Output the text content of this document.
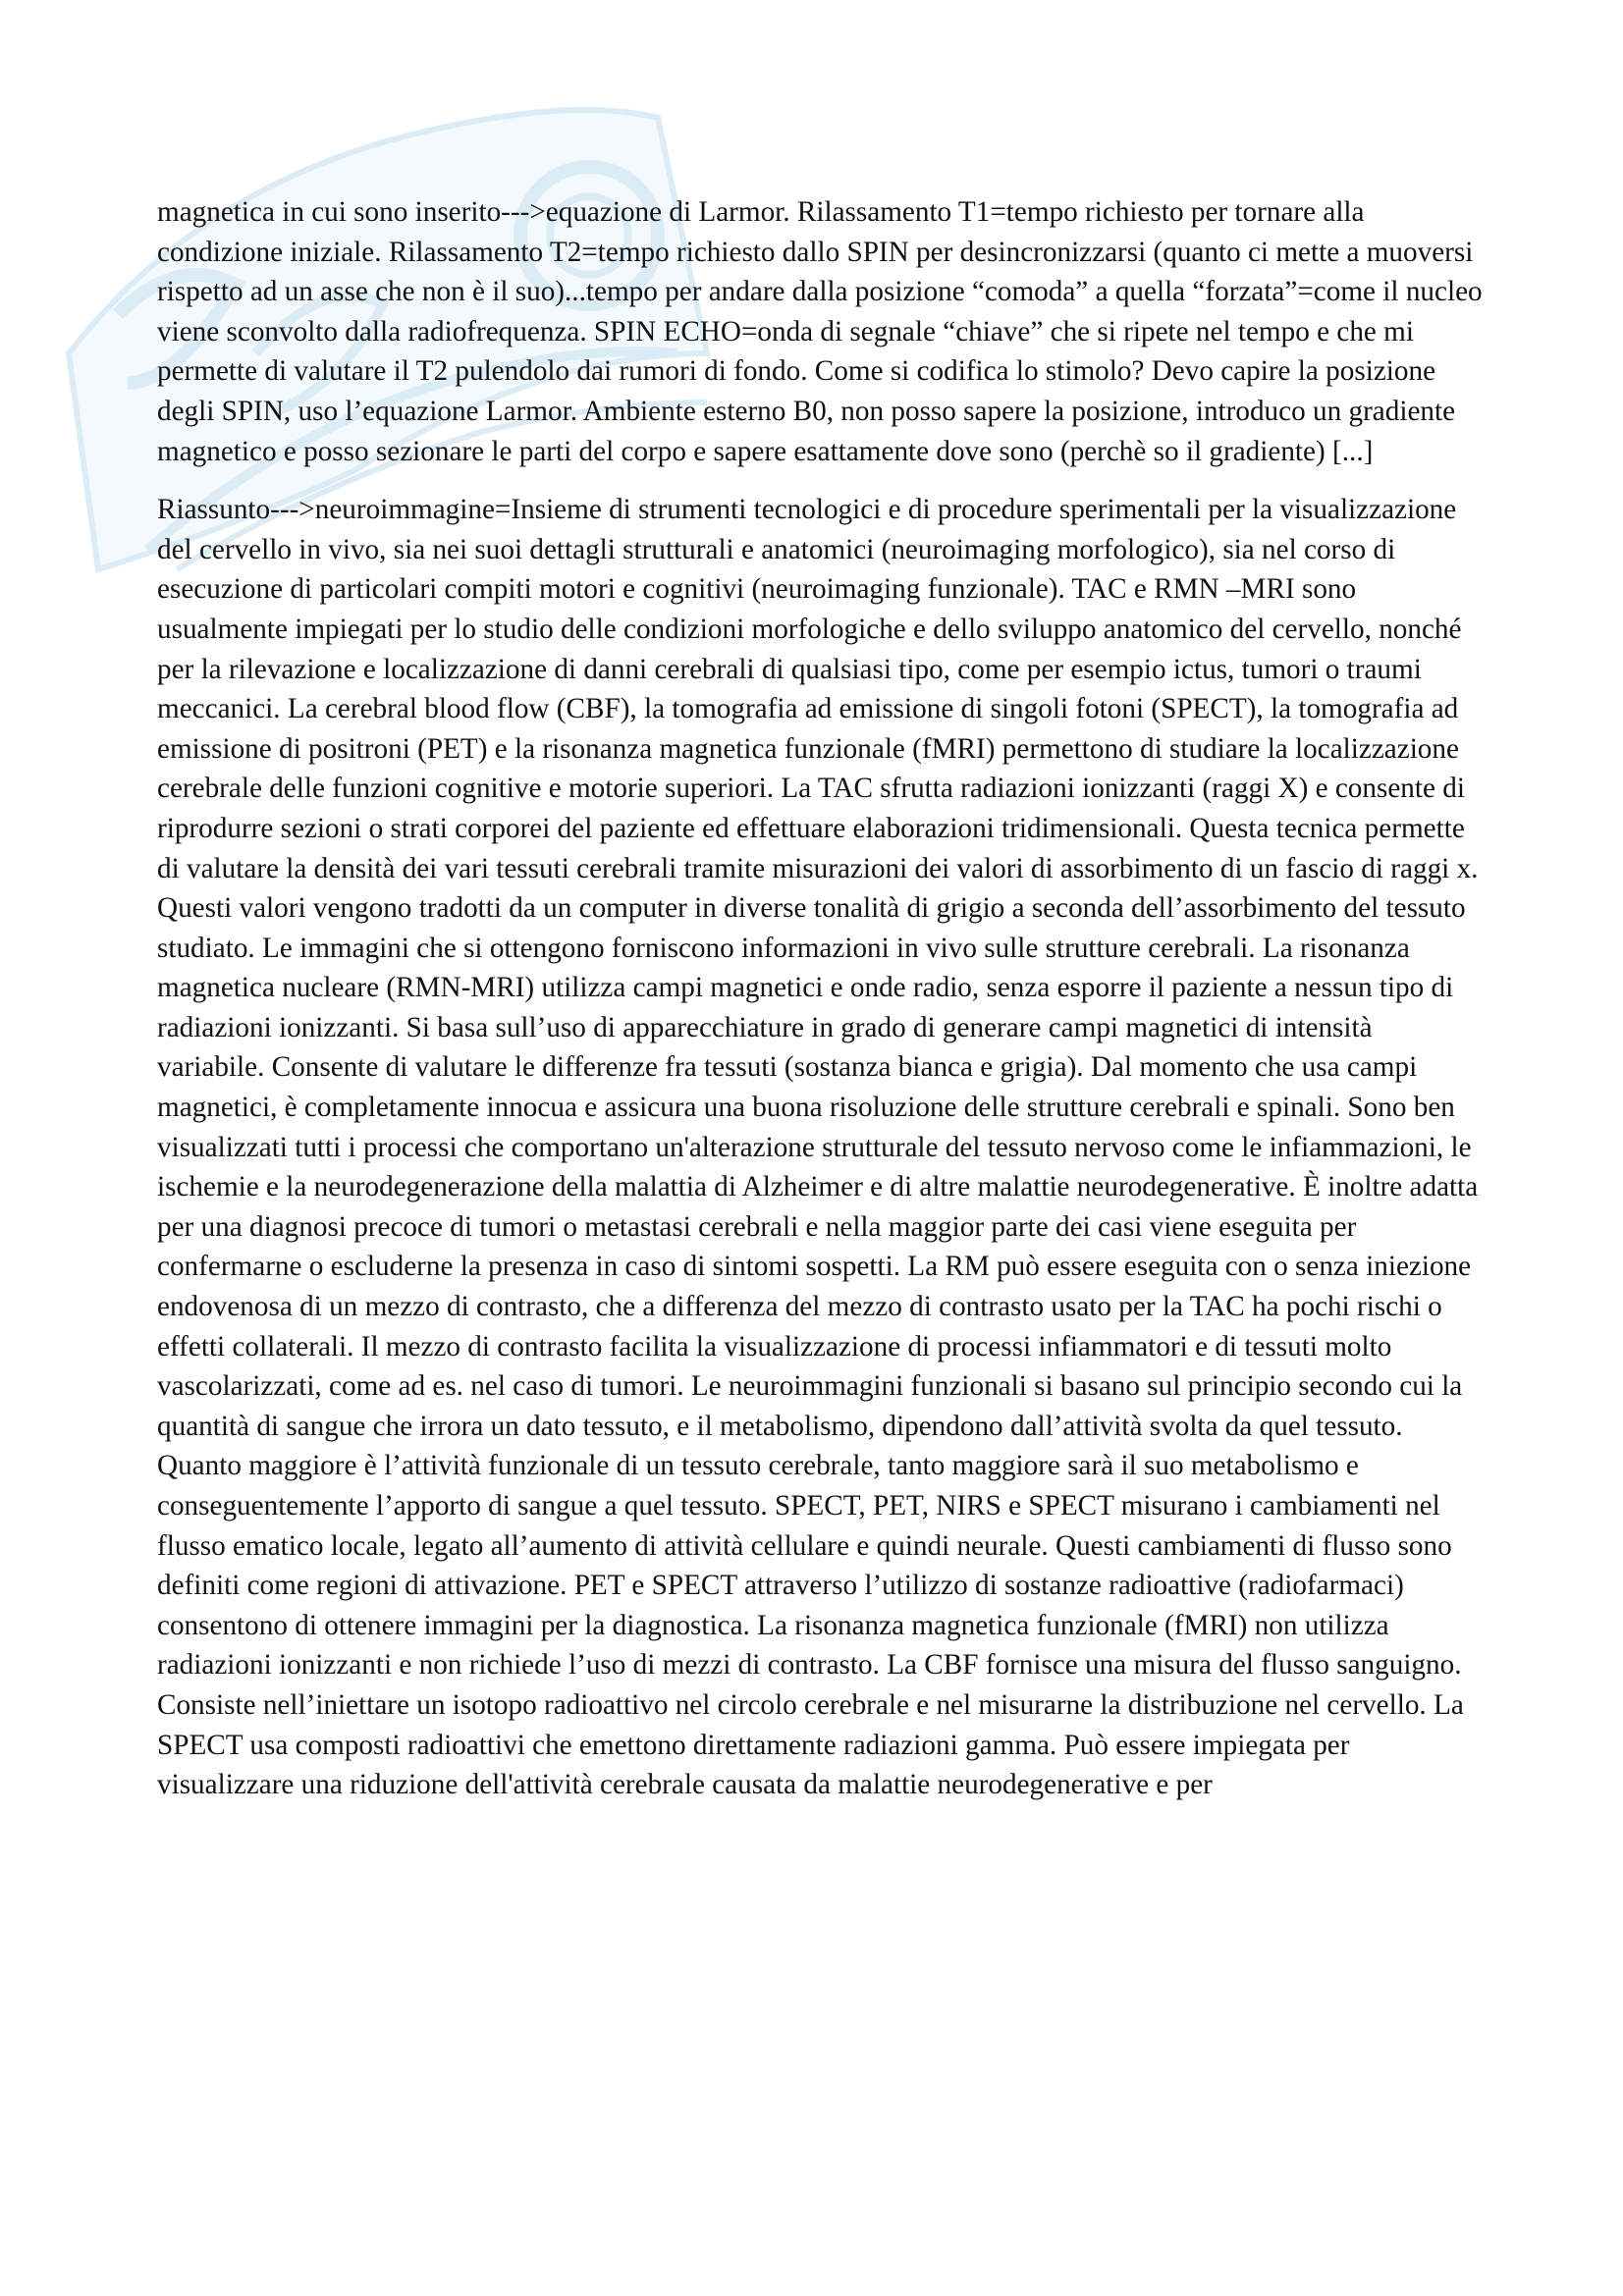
magnetica in cui sono inserito--->equazione di Larmor. Rilassamento T1=tempo richiesto per tornare alla condizione iniziale. Rilassamento T2=tempo richiesto dallo SPIN per desincronizzarsi (quanto ci mette a muoversi rispetto ad un asse che non è il suo)...tempo per andare dalla posizione “comoda” a quella “forzata”=come il nucleo viene sconvolto dalla radiofrequenza. SPIN ECHO=onda di segnale “chiave” che si ripete nel tempo e che mi permette di valutare il T2 pulendolo dai rumori di fondo. Come si codifica lo stimolo? Devo capire la posizione degli SPIN, uso l’equazione Larmor. Ambiente esterno B0, non posso sapere la posizione, introduco un gradiente magnetico e posso sezionare le parti del corpo e sapere esattamente dove sono (perchè so il gradiente) [...]

Riassunto--->neuroimmagine=Insieme di strumenti tecnologici e di procedure sperimentali per la visualizzazione del cervello in vivo, sia nei suoi dettagli strutturali e anatomici (neuroimaging morfologico), sia nel corso di esecuzione di particolari compiti motori e cognitivi (neuroimaging funzionale). TAC e RMN –MRI sono usualmente impiegati per lo studio delle condizioni morfologiche e dello sviluppo anatomico del cervello, nonché per la rilevazione e localizzazione di danni cerebrali di qualsiasi tipo, come per esempio ictus, tumori o traumi meccanici. La cerebral blood flow (CBF), la tomografia ad emissione di singoli fotoni (SPECT), la tomografia ad emissione di positroni (PET) e la risonanza magnetica funzionale (fMRI) permettono di studiare la localizzazione cerebrale delle funzioni cognitive e motorie superiori. La TAC sfrutta radiazioni ionizzanti (raggi X) e consente di riprodurre sezioni o strati corporei del paziente ed effettuare elaborazioni tridimensionali. Questa tecnica permette di valutare la densità dei vari tessuti cerebrali tramite misurazioni dei valori di assorbimento di un fascio di raggi x. Questi valori vengono tradotti da un computer in diverse tonalità di grigio a seconda dell’assorbimento del tessuto studiato. Le immagini che si ottengono forniscono informazioni in vivo sulle strutture cerebrali. La risonanza magnetica nucleare (RMN-MRI) utilizza campi magnetici e onde radio, senza esporre il paziente a nessun tipo di radiazioni ionizzanti. Si basa sull’uso di apparecchiature in grado di generare campi magnetici di intensità variabile. Consente di valutare le differenze fra tessuti (sostanza bianca e grigia). Dal momento che usa campi magnetici, è completamente innocua e assicura una buona risoluzione delle strutture cerebrali e spinali. Sono ben visualizzati tutti i processi che comportano un'alterazione strutturale del tessuto nervoso come le infiammazioni, le ischemie e la neurodegenerazione della malattia di Alzheimer e di altre malattie neurodegenerative. È inoltre adatta per una diagnosi precoce di tumori o metastasi cerebrali e nella maggior parte dei casi viene eseguita per confermarne o escluderne la presenza in caso di sintomi sospetti. La RM può essere eseguita con o senza iniezione endovenosa di un mezzo di contrasto, che a differenza del mezzo di contrasto usato per la TAC ha pochi rischi o effetti collaterali. Il mezzo di contrasto facilita la visualizzazione di processi infiammatori e di tessuti molto vascolarizzati, come ad es. nel caso di tumori. Le neuroimmagini funzionali si basano sul principio secondo cui la quantità di sangue che irrora un dato tessuto, e il metabolismo, dipendono dall’attività svolta da quel tessuto. Quanto maggiore è l’attività funzionale di un tessuto cerebrale, tanto maggiore sarà il suo metabolismo e conseguentemente l’apporto di sangue a quel tessuto. SPECT, PET, NIRS e SPECT misurano i cambiamenti nel flusso ematico locale, legato all’aumento di attività cellulare e quindi neurale. Questi cambiamenti di flusso sono definiti come regioni di attivazione. PET e SPECT attraverso l’utilizzo di sostanze radioattive (radiofarmaci) consentono di ottenere immagini per la diagnostica. La risonanza magnetica funzionale (fMRI) non utilizza radiazioni ionizzanti e non richiede l’uso di mezzi di contrasto. La CBF fornisce una misura del flusso sanguigno. Consiste nell’iniettare un isotopo radioattivo nel circolo cerebrale e nel misurarne la distribuzione nel cervello. La SPECT usa composti radioattivi che emettono direttamente radiazioni gamma. Può essere impiegata per visualizzare una riduzione dell'attività cerebrale causata da malattie neurodegenerative e per
